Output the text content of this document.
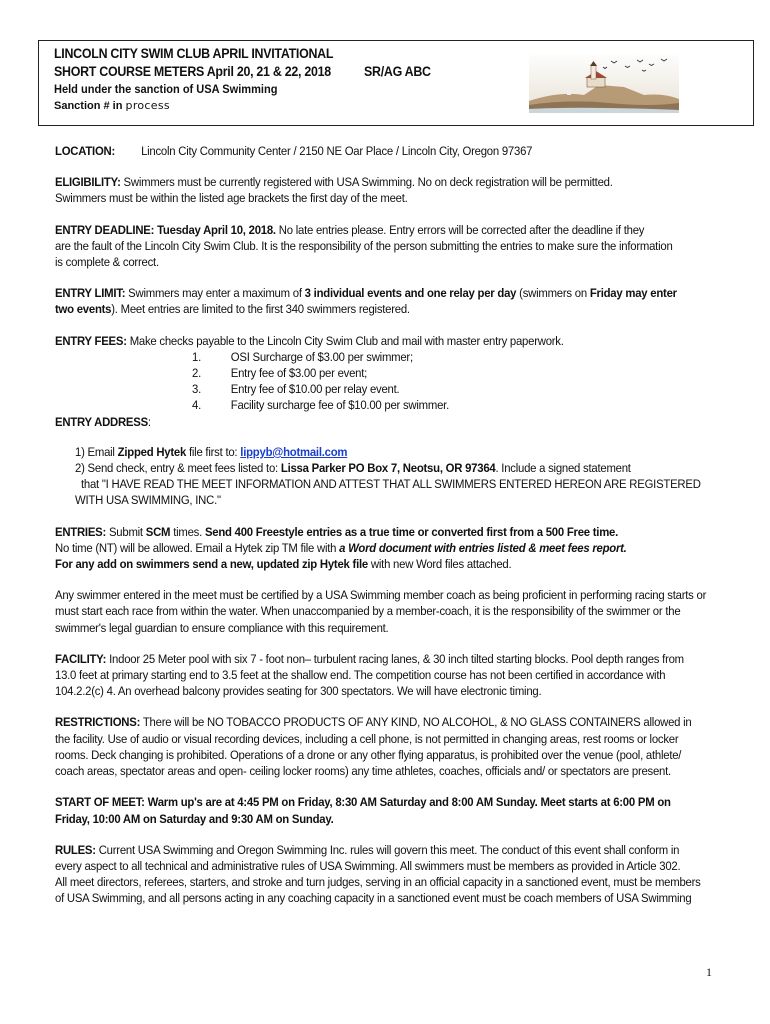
LINCOLN CITY SWIM CLUB APRIL INVITATIONAL
SHORT COURSE METERS April 20, 21 & 22, 2018 SR/AG ABC
Held under the sanction of USA Swimming
Sanction # in process
LOCATION: Lincoln City Community Center / 2150 NE Oar Place / Lincoln City, Oregon 97367
ELIGIBILITY: Swimmers must be currently registered with USA Swimming. No on deck registration will be permitted.
Swimmers must be within the listed age brackets the first day of the meet.
ENTRY DEADLINE: Tuesday April 10, 2018. No late entries please. Entry errors will be corrected after the deadline if they
are the fault of the Lincoln City Swim Club. It is the responsibility of the person submitting the entries to make sure the information
is complete & correct.
ENTRY LIMIT: Swimmers may enter a maximum of 3 individual events and one relay per day (swimmers on Friday may enter
two events). Meet entries are limited to the first 340 swimmers registered.
ENTRY FEES: Make checks payable to the Lincoln City Swim Club and mail with master entry paperwork.
1. OSI Surcharge of $3.00 per swimmer;
2. Entry fee of $3.00 per event;
3. Entry fee of $10.00 per relay event.
4. Facility surcharge fee of $10.00 per swimmer.
ENTRY ADDRESS:
1) Email Zipped Hytek file first to: lippyb@hotmail.com
2) Send check, entry & meet fees listed to: Lissa Parker PO Box 7, Neotsu, OR 97364. Include a signed statement
that "I HAVE READ THE MEET INFORMATION AND ATTEST THAT ALL SWIMMERS ENTERED HEREON ARE REGISTERED
WITH USA SWIMMING, INC."
ENTRIES: Submit SCM times. Send 400 Freestyle entries as a true time or converted first from a 500 Free time.
No time (NT) will be allowed. Email a Hytek zip TM file with a Word document with entries listed & meet fees report.
For any add on swimmers send a new, updated zip Hytek file with new Word files attached.
Any swimmer entered in the meet must be certified by a USA Swimming member coach as being proficient in performing racing starts or
must start each race from within the water. When unaccompanied by a member-coach, it is the responsibility of the swimmer or the
swimmer's legal guardian to ensure compliance with this requirement.
FACILITY: Indoor 25 Meter pool with six 7 - foot non– turbulent racing lanes, & 30 inch tilted starting blocks. Pool depth ranges from
13.0 feet at primary starting end to 3.5 feet at the shallow end. The competition course has not been certified in accordance with
104.2.2(c) 4. An overhead balcony provides seating for 300 spectators. We will have electronic timing.
RESTRICTIONS: There will be NO TOBACCO PRODUCTS OF ANY KIND, NO ALCOHOL, & NO GLASS CONTAINERS allowed in
the facility. Use of audio or visual recording devices, including a cell phone, is not permitted in changing areas, rest rooms or locker
rooms. Deck changing is prohibited. Operations of a drone or any other flying apparatus, is prohibited over the venue (pool, athlete/
coach areas, spectator areas and open- ceiling locker rooms) any time athletes, coaches, officials and/ or spectators are present.
START OF MEET: Warm up's are at 4:45 PM on Friday, 8:30 AM Saturday and 8:00 AM Sunday. Meet starts at 6:00 PM on
Friday, 10:00 AM on Saturday and 9:30 AM on Sunday.
RULES: Current USA Swimming and Oregon Swimming Inc. rules will govern this meet. The conduct of this event shall conform in
every aspect to all technical and administrative rules of USA Swimming. All swimmers must be members as provided in Article 302.
All meet directors, referees, starters, and stroke and turn judges, serving in an official capacity in a sanctioned event, must be members
of USA Swimming, and all persons acting in any coaching capacity in a sanctioned event must be coach members of USA Swimming
1
